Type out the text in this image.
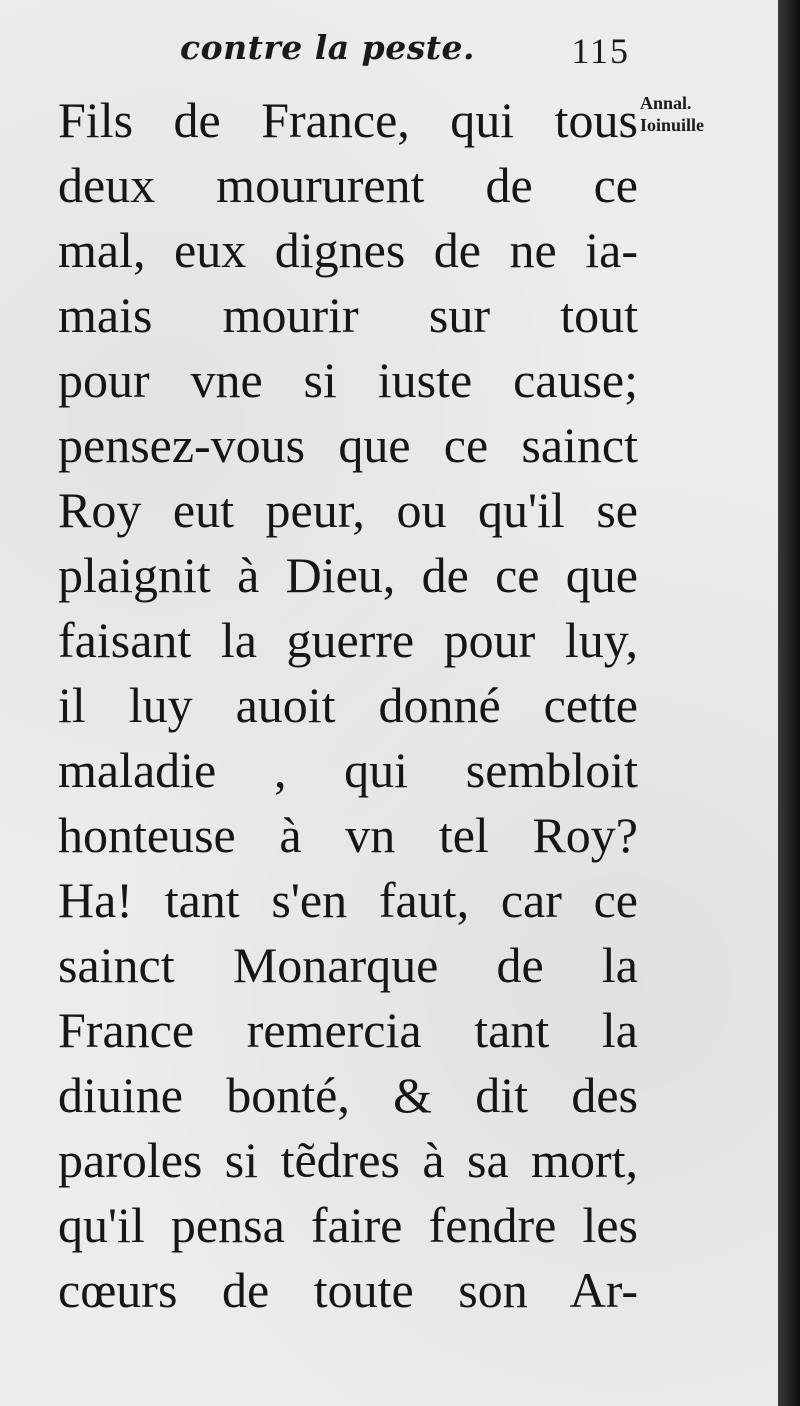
contre la peste.	115
Annal.
Ioinuille
Fils de France, qui tous
deux moururent de ce
mal, eux dignes de ne ia-
mais mourir sur tout
pour vne si iuste cause;
pensez-vous que ce sainct
Roy eut peur, ou qu'il se
plaignit à Dieu, de ce que
faisant la guerre pour luy,
il luy auoit donné cette
maladie , qui sembloit
honteuse à vn tel Roy?
Ha! tant s'en faut, car ce
sainct Monarque de la
France remercia tant la
diuine bonté, & dit des
paroles si tẽdres à sa mort,
qu'il pensa faire fendre les
cœurs de toute son Ar-
